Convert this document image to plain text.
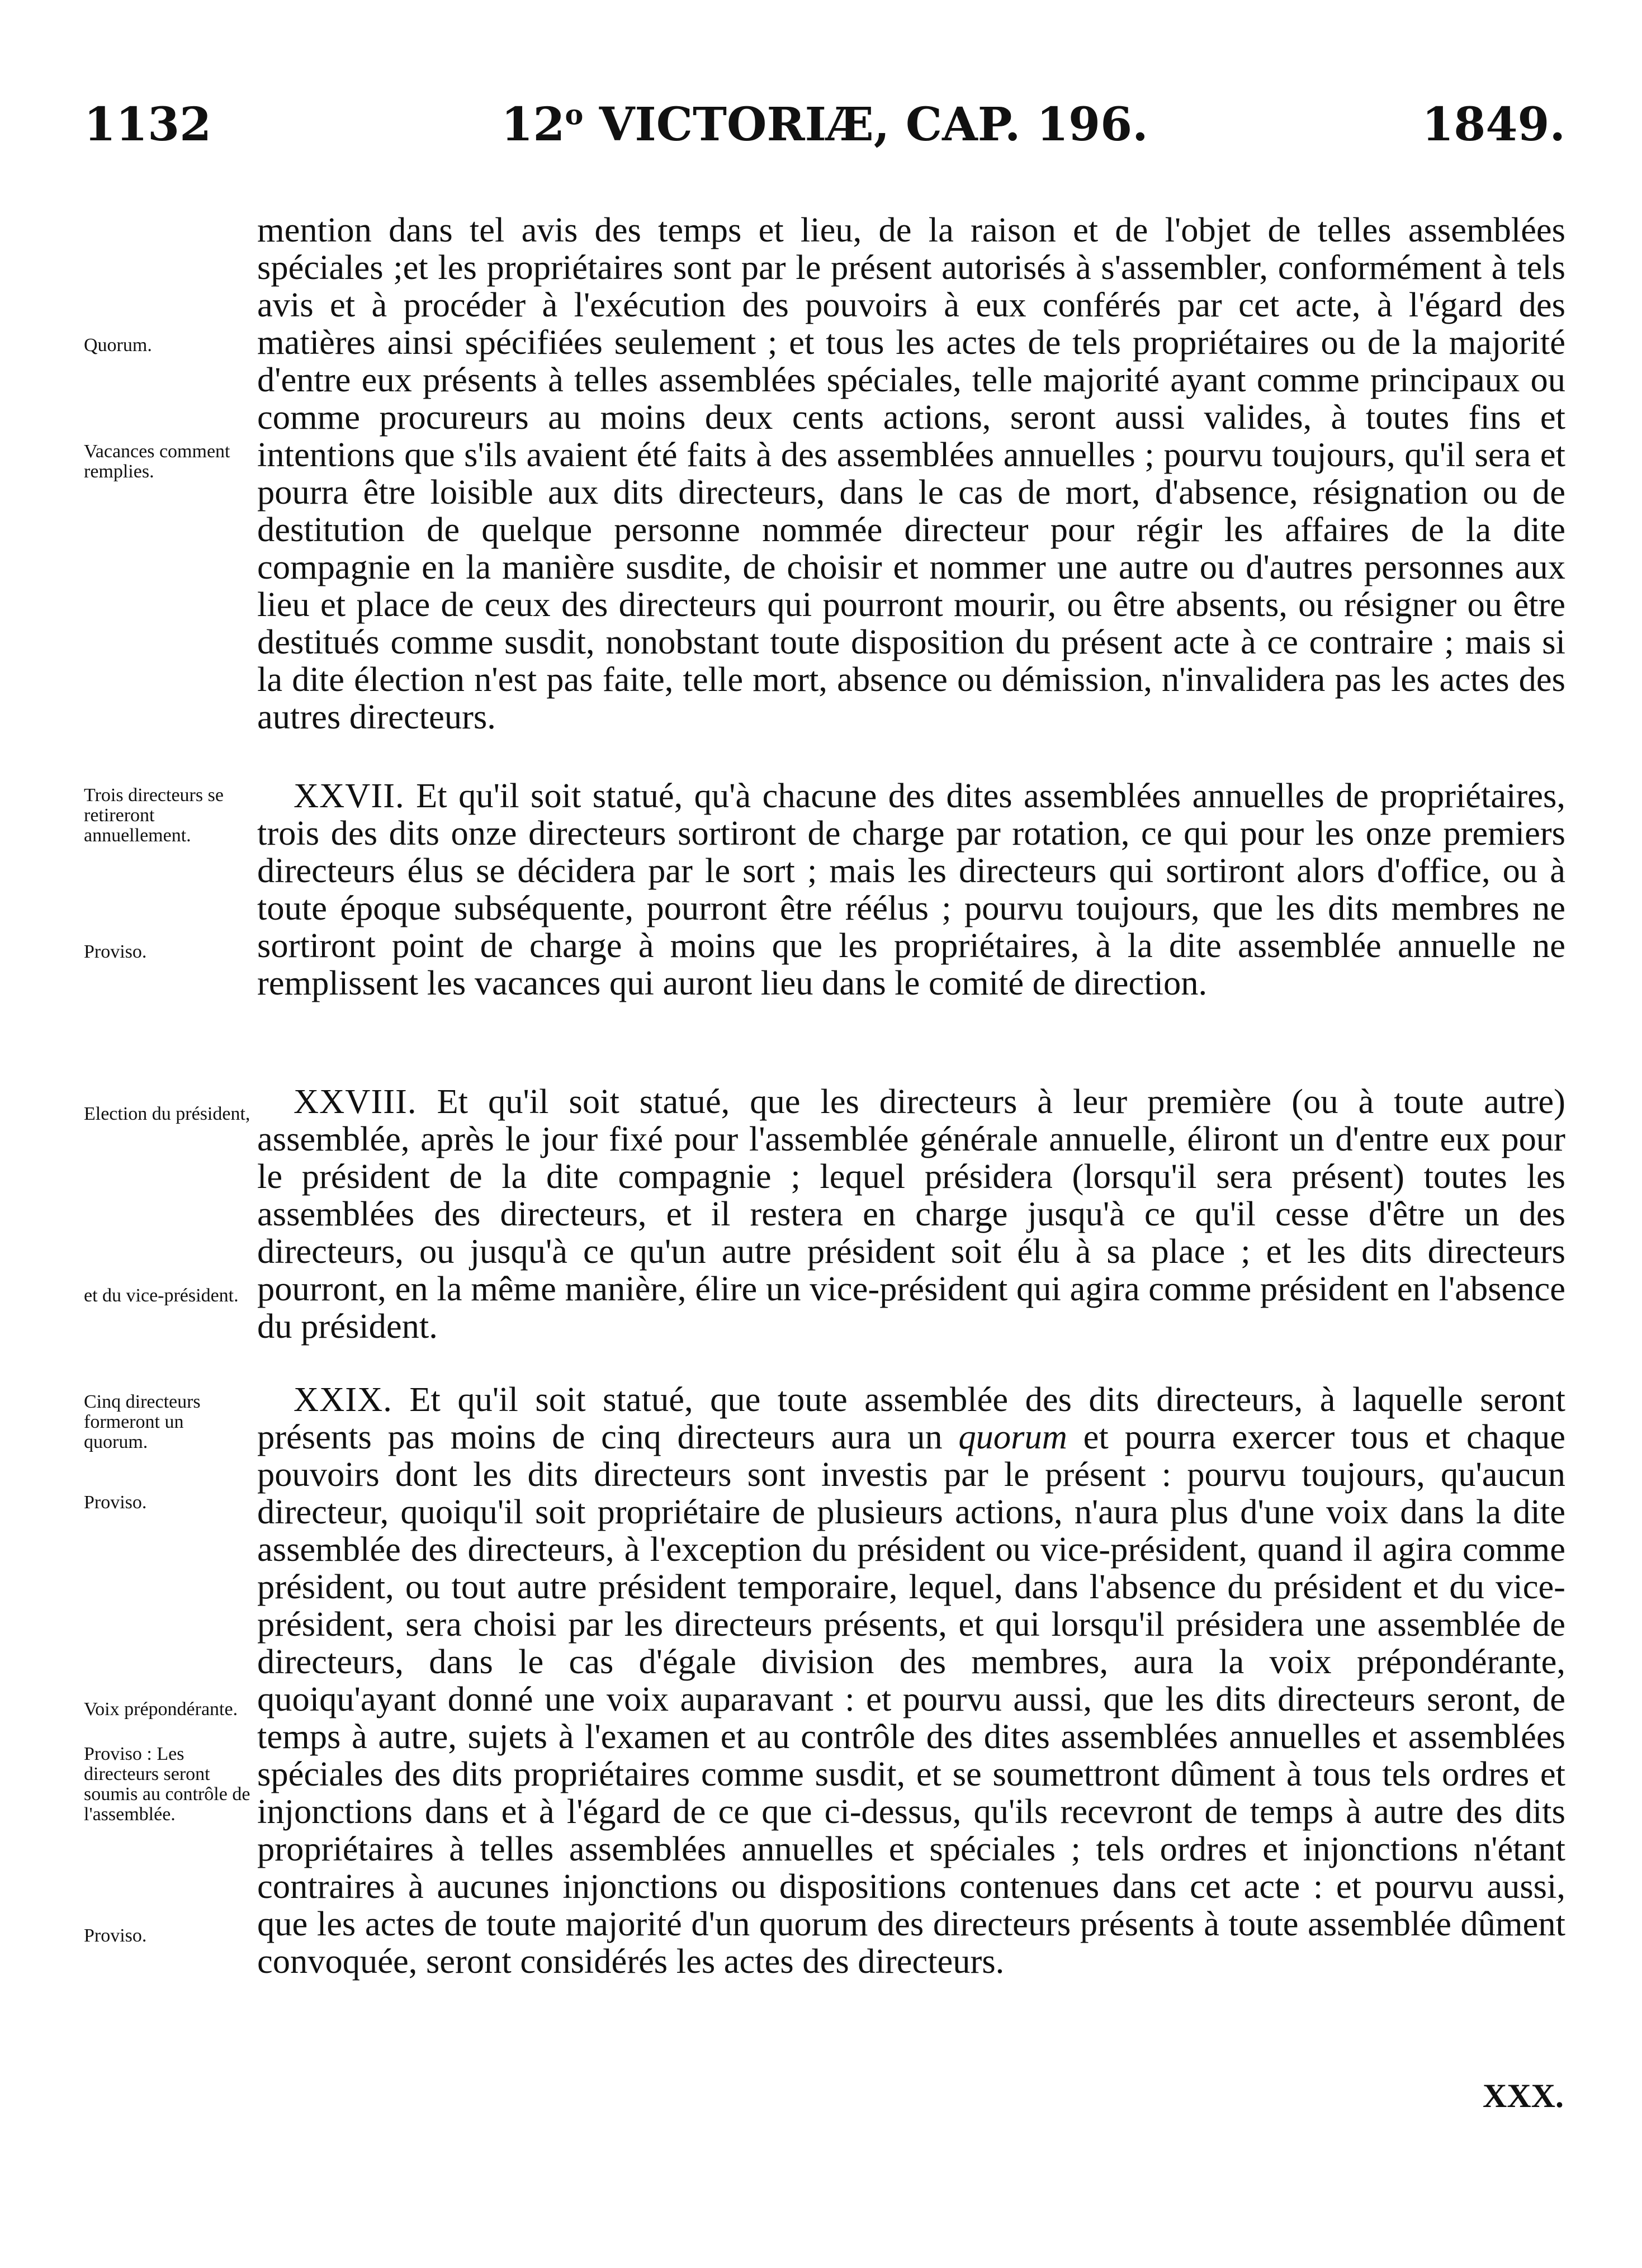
1132	12$^o$ VICTORIÆ, CAP. 196.	1849.
Quorum.
Vacances comment remplies.
Trois directeurs se retireront annuellement.
Proviso.
Election du président,
et du vice-président.
Cinq directeurs formeront un quorum.
Proviso.
Voix prépondérante.
Proviso : Les directeurs seront soumis au contrôle de l'assemblée.
Proviso.

mention dans tel avis des temps et lieu, de la raison et de l'objet de telles assemblées spéciales ;et les propriétaires sont par le présent autorisés à s'assembler, conformément à tels avis et à procéder à l'exécution des pouvoirs à eux conférés par cet acte, à l'égard des matières ainsi spécifiées seulement ; et tous les actes de tels propriétaires ou de la majorité d'entre eux présents à telles assemblées spéciales, telle majorité ayant comme principaux ou comme procureurs au moins deux cents actions, seront aussi valides, à toutes fins et intentions que s'ils avaient été faits à des assemblées annuelles ; pourvu toujours, qu'il sera et pourra être loisible aux dits directeurs, dans le cas de mort, d'absence, résignation ou de destitution de quelque personne nommée directeur pour régir les affaires de la dite compagnie en la manière susdite, de choisir et nommer une autre ou d'autres personnes aux lieu et place de ceux des directeurs qui pourront mourir, ou être absents, ou résigner ou être destitués comme susdit, nonobstant toute disposition du présent acte à ce contraire ; mais si la dite élection n'est pas faite, telle mort, absence ou démission, n'invalidera pas les actes des autres directeurs.

XXVII. Et qu'il soit statué, qu'à chacune des dites assemblées annuelles de propriétaires, trois des dits onze directeurs sortiront de charge par rotation, ce qui pour les onze premiers directeurs élus se décidera par le sort ; mais les directeurs qui sortiront alors d'office, ou à toute époque subséquente, pourront être réélus ; pourvu toujours, que les dits membres ne sortiront point de charge à moins que les propriétaires, à la dite assemblée annuelle ne remplissent les vacances qui auront lieu dans le comité de direction.

XXVIII. Et qu'il soit statué, que les directeurs à leur première (ou à toute autre) assemblée, après le jour fixé pour l'assemblée générale annuelle, éliront un d'entre eux pour le président de la dite compagnie ; lequel présidera (lorsqu'il sera présent) toutes les assemblées des directeurs, et il restera en charge jusqu'à ce qu'il cesse d'être un des directeurs, ou jusqu'à ce qu'un autre président soit élu à sa place ; et les dits directeurs pourront, en la même manière, élire un vice-président qui agira comme président en l'absence du président.

XXIX. Et qu'il soit statué, que toute assemblée des dits directeurs, à laquelle seront présents pas moins de cinq directeurs aura un quorum et pourra exercer tous et chaque pouvoirs dont les dits directeurs sont investis par le présent : pourvu toujours, qu'aucun directeur, quoiqu'il soit propriétaire de plusieurs actions, n'aura plus d'une voix dans la dite assemblée des directeurs, à l'exception du président ou vice-président, quand il agira comme président, ou tout autre président temporaire, lequel, dans l'absence du président et du vice-président, sera choisi par les directeurs présents, et qui lorsqu'il présidera une assemblée de directeurs, dans le cas d'égale division des membres, aura la voix prépondérante, quoiqu'ayant donné une voix auparavant : et pourvu aussi, que les dits directeurs seront, de temps à autre, sujets à l'examen et au contrôle des dites assemblées annuelles et assemblées spéciales des dits propriétaires comme susdit, et se soumettront dûment à tous tels ordres et injonctions dans et à l'égard de ce que ci-dessus, qu'ils recevront de temps à autre des dits propriétaires à telles assemblées annuelles et spéciales ; tels ordres et injonctions n'étant contraires à aucunes injonctions ou dispositions contenues dans cet acte : et pourvu aussi, que les actes de toute majorité d'un quorum des directeurs présents à toute assemblée dûment convoquée, seront considérés les actes des directeurs.

XXX.
